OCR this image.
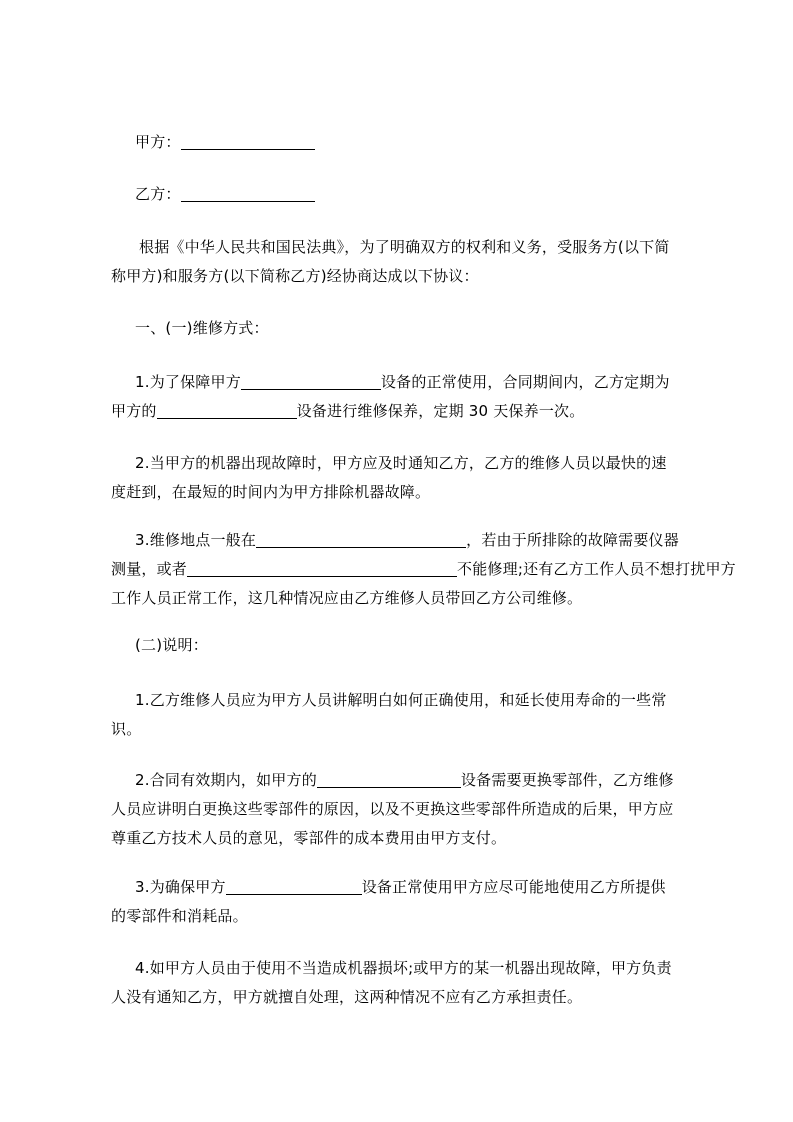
甲方：
乙方：
根据《中华人民共和国民法典》，为了明确双方的权利和义务，受服务方(以下简
称甲方)和服务方(以下简称乙方)经协商达成以下协议：
一、(一)维修方式：
1.为了保障甲方	设备的正常使用，合同期间内，乙方定期为
甲方的	设备进行维修保养，定期 30 天保养一次。
2.当甲方的机器出现故障时，甲方应及时通知乙方，乙方的维修人员以最快的速
度赶到，在最短的时间内为甲方排除机器故障。
3.维修地点一般在	，若由于所排除的故障需要仪器
测量，或者	不能修理;还有乙方工作人员不想打扰甲方
工作人员正常工作，这几种情况应由乙方维修人员带回乙方公司维修。
(二)说明：
1.乙方维修人员应为甲方人员讲解明白如何正确使用，和延长使用寿命的一些常
识。
2.合同有效期内，如甲方的	设备需要更换零部件，乙方维修
人员应讲明白更换这些零部件的原因，以及不更换这些零部件所造成的后果，甲方应
尊重乙方技术人员的意见，零部件的成本费用由甲方支付。
3.为确保甲方	设备正常使用甲方应尽可能地使用乙方所提供
的零部件和消耗品。
4.如甲方人员由于使用不当造成机器损坏;或甲方的某一机器出现故障，甲方负责
人没有通知乙方，甲方就擅自处理，这两种情况不应有乙方承担责任。
